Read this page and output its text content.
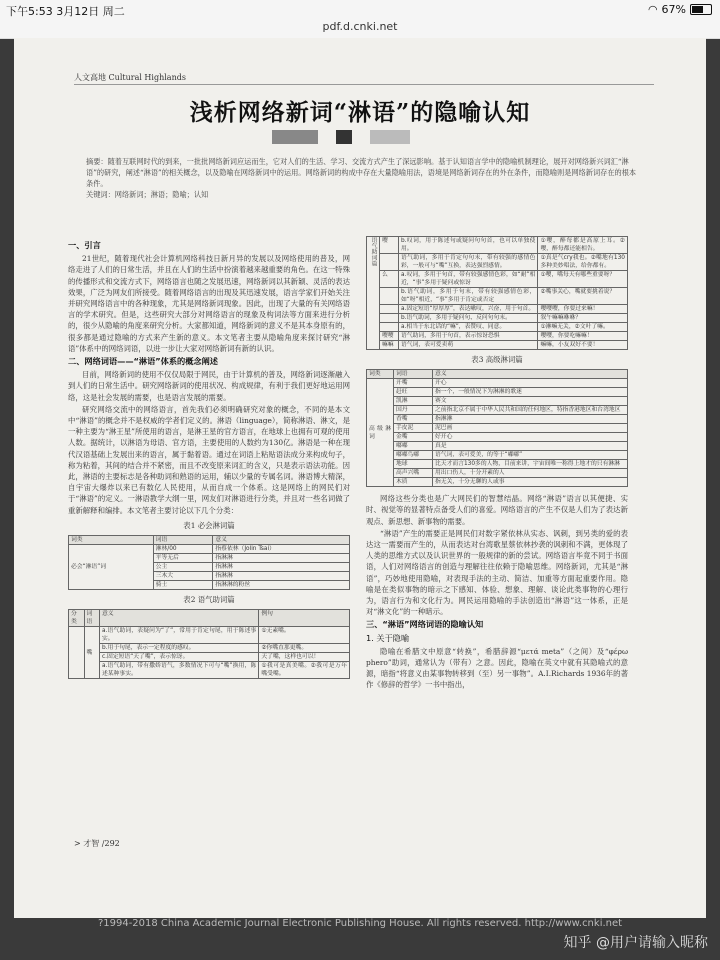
下午5:53 3月12日 周二	◠ 67%
pdf.d.cnki.net
人文高地 Cultural Highlands
浅析网络新词“淋语”的隐喻认知

摘要：随着互联网时代的到来，一批批网络新词应运而生，它对人们的生活、学习、交流方式产生了深远影响。基于认知语言学中的隐喻机制理论，展开对网络新兴词汇“淋语”的研究，阐述“淋语”的相关概念，以及隐喻在网络新词中的运用。网络新词的构成中存在大量隐喻用法，语境是网络新词存在的外在条件，而隐喻则是网络新词存在的根本条件。

关键词：网络新词；淋语；隐喻；认知

一、引言

21世纪，随着现代社会计算机网络科技日新月异的发展以及网络使用的普及，网络走进了人们的日常生活，并且在人们的生活中扮演着越来越重要的角色。在这一特殊的传播形式和交流方式下，网络语言也随之发展迅速，网络新词以其新颖、灵活的表达效果，广泛为网友们所接受。随着网络语言的出现及其迅速发展，语言学家们开始关注并研究网络语言中的各种现象，尤其是网络新词现象。因此，出现了大量的有关网络语言的学术研究。但是，这些研究大部分对网络语言的现象及构词法等方面来进行分析的，很少从隐喻的角度来研究分析。大家都知道，网络新词的意义不是其本身原有的，很多都是通过隐喻的方式来产生新的意义。本文笔者主要从隐喻角度来探讨研究“淋语”体系中的网络词语，以进一步让大家对网络新词有新的认识。

二、网络词语——“淋语”体系的概念阐述

目前，网络新词的使用不仅仅局限于网民，由于计算机的普及，网络新词逐渐融入到人们的日常生活中。研究网络新词的使用状况、构成规律，有利于我们更好地运用网络，这是社会发展的需要，也是语言发展的需要。

研究网络交流中的网络语言，首先我们必须明确研究对象的概念，不同的是本文中“淋语”的概念并不是权威的学者们定义的。淋语（linguage），简称淋语、淋文，是一种主要为“淋王星”所使用的语言，是淋王星的官方语言，在地球上也拥有可观的使用人数。据统计，以淋语为母语、官方语，主要使用的人数约为130亿。淋语是一种在现代汉语基础上发展出来的语言，属于黏着语。通过在词语上粘贴语法成分来构成句子，称为粘着，其间的结合并不紧密，而且不改变原来词汇的含义，只是表示语法功能。因此，淋语的主要标志是各种助词和熟语的运用，辅以少量的专属名词。淋语博大精深，自宇宙大爆炸以来已有数亿人民使用，从而自成一个体系。这是网络上的网民们对于“淋语”的定义。一淋语教学大纲一里，网友们对淋语进行分类，并且对一些名词做了重新解释和编排。本文笔者主要讨论以下几个分类：

表1 必会淋词篇

词类	词语	意义
必会“淋语”词	淋林/00	指蔡依林（Jolin Tsai）
	平等无后	指淋淋
	公主	指淋淋
	三木大	指淋淋
	骑士	指淋淋的粉丝

表2 语气助词篇

分类	词语	意义	例句
	嘴	a.语气助词，表疑问为“了”，常用于肯定句尾，用于陈述事实。	①无素嘴。
		b.用于句尾，表示一定程度的感叹。	②你嘴直那更嘴。
		c.固定短语“天了嘴”，表示惊讶。	天了嘴，这样也可以！
		a.语气助词，带有撒娇语气，多数情况下可与“嘴”换用，陈述某种事实。	①我可是真美嘴。②我可是万年嘴受嘴。
语气助词篇	嘤	b.叹词，用于陈述句或疑问句句首，也可以单独使用。	①嘤，醉每都是高原上耳。②嘤，醉每都还能相告。
		语气助词，多用于肯定句句末，带有较强的感情色彩，一般可与“嘴”互换，表达强烈感情。	①真是气cry我也。②嘴地有130多种美妙唱法，给你都有。
	么	a.叹词，多用于句首，带有较强感情色彩，如“耐”相近，“事”多用于疑问或惊讶	①嘤，嘴每天有哪些重要呀？
		b.语气助词，多用于句末，带有较强感情色彩，如“呀”相近，“事”多用于肯定或否定	②嘴事关心，嘴就要挑着说？
		a.固定短语“厚厚厚”，表达嗽叹，兴奋，用于句首。	嘤嘤嘤，你要过来嘛！
		b.语气助词，多用于疑问句、反问句句末。	叙午嘛嘛咻咻？
		a.相当于东北话的“嘛”，表赞叹、同意。	①淋嘛无关，②文叶了嘛。
	嘤嘤	语气助词，多用于句首，表示惊讶恐惧	嘤嘤，你要吃嘛嘛！
	嘛嘛	语气词，表可爱卖萌	嘛嘛，小友双好不要！

表3 高级淋词篇

词类	词语	意义
高级淋词	开嘴	开心
	赶旺	指一个，一般情况下为淋淋的歌迷
	凯淋	赛文
	国丹	之前指北京不属于中华人民共和国的任何地区，特指香港地区和台湾地区
	香嘴	指淋淋
	手皮泥	泥巴画
	金嘴	好开心
	嘟嘟	真是
	嘟嘟鸟嘟	语气词，表可爱美，的等于“嘟嘟”
	地球	比天才而言130多的人物，目前来讲，宇宙间唯一称得上地才的只有淋淋
	高声兴嘴	用出口伤人，十分开素的人
	木质	指无关，十分无聊的人或事

网络这些分类也是广大网民们的智慧结晶。网络“淋语”语言以其便捷、实时、视觉等的显著特点备受人们的喜爱。网络语言的产生不仅是人们为了表达新观点、新思想、新事物的需要。

“淋语”产生的需要正是网民们对数字紧依林从实态、讽刺，到另类的爱的表达这一需要而产生的，从而表达对台湾歌星蔡依林抄袭的讽刺和不满，更体现了人类的思维方式以及认识世界的一般规律的新的尝试。网络语言毕竟不同于书面语，人们对网络语言的创造与理解往往依赖于隐喻思维。网络新词，尤其是“淋语”，巧妙地使用隐喻，对表现手法的主动、简洁、加重等方面起重要作用。隐喻是在类似事物的暗示之下感知、体验、想象、理解、谈论此类事物的心理行为，语言行为和文化行为。网民运用隐喻的手法创造出“淋语”这一体系，正是对“淋文化”的一种暗示。

三、“淋语”网络词语的隐喻认知
1. 关于隐喻

隐喻在希腊文中原意“转换”，希腊辞源“μετά meta”（之间）及“φέρω phero”助词，通常认为（带有）之意。因此，隐喻在英文中就有其隐喻式的意源，暗指“将意义由某事物转移到（至）另一事物”。A.I.Richards 1936年的著作《修辞的哲学》一书中指出，

> 才智 /292
?1994-2018 China Academic Journal Electronic Publishing House. All rights reserved. http://www.cnki.net
知乎 @用户请输入昵称
